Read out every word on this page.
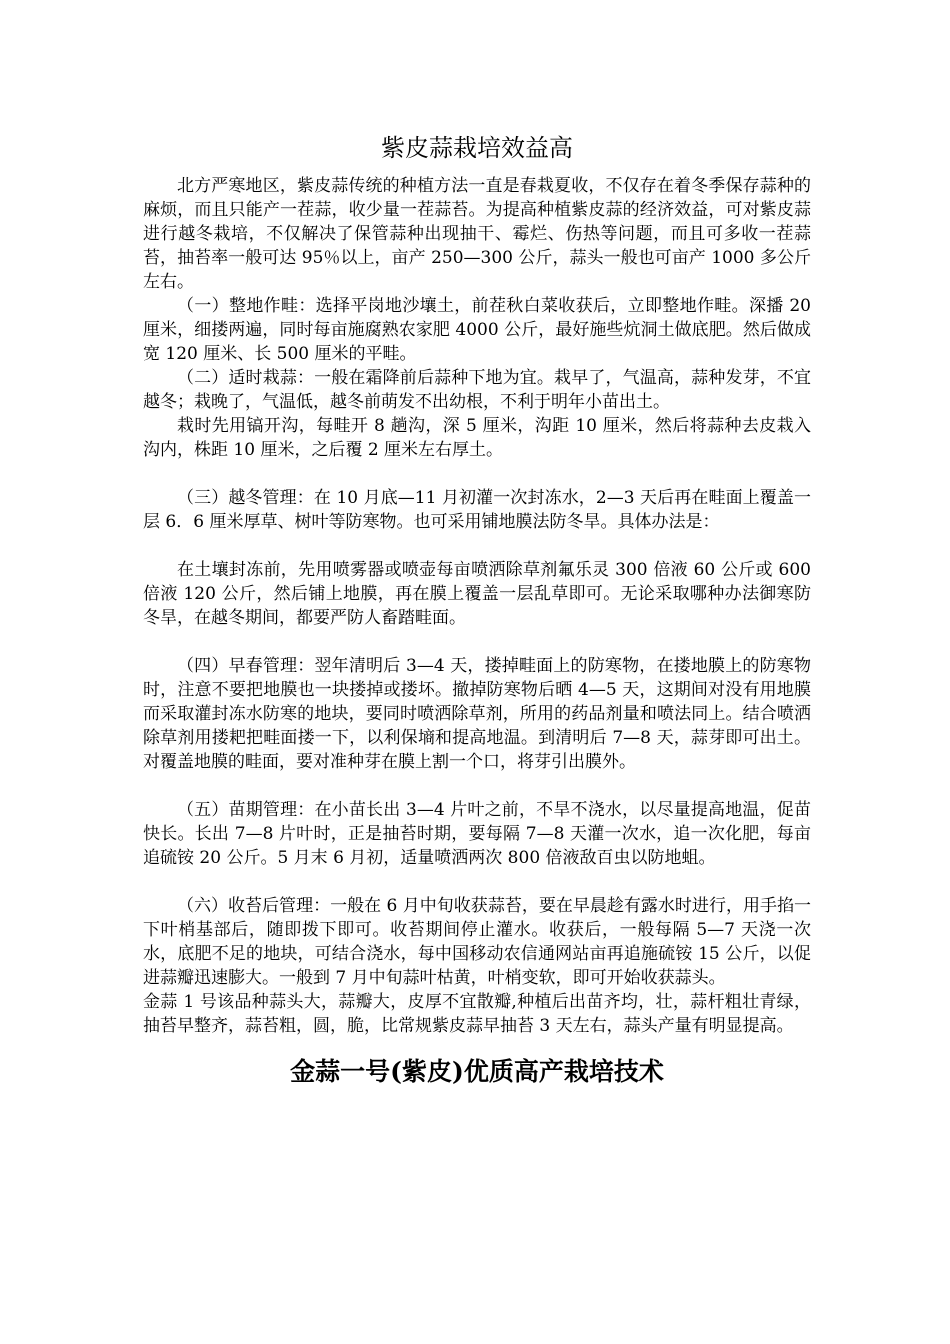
紫皮蒜栽培效益高

北方严寒地区，紫皮蒜传统的种植方法一直是春栽夏收，不仅存在着冬季保存蒜种的麻烦，而且只能产一茬蒜，收少量一茬蒜苔。为提高种植紫皮蒜的经济效益，可对紫皮蒜进行越冬栽培，不仅解决了保管蒜种出现抽干、霉烂、伤热等问题，而且可多收一茬蒜苔，抽苔率一般可达 95％以上，亩产 250—300 公斤，蒜头一般也可亩产 1000 多公斤左右。

（一）整地作畦：选择平岗地沙壤土，前茬秋白菜收获后，立即整地作畦。深播 20 厘米，细搂两遍，同时每亩施腐熟农家肥 4000 公斤，最好施些炕洞土做底肥。然后做成宽 120 厘米、长 500 厘米的平畦。

（二）适时栽蒜：一般在霜降前后蒜种下地为宜。栽早了，气温高，蒜种发芽，不宜越冬；栽晚了，气温低，越冬前萌发不出幼根，不利于明年小苗出土。

栽时先用镐开沟，每畦开 8 趟沟，深 5 厘米，沟距 10 厘米，然后将蒜种去皮栽入沟内，株距 10 厘米，之后覆 2 厘米左右厚土。

（三）越冬管理：在 10 月底—11 月初灌一次封冻水，2—3 天后再在畦面上覆盖一层 6．6 厘米厚草、树叶等防寒物。也可采用铺地膜法防冬旱。具体办法是：

在土壤封冻前，先用喷雾器或喷壶每亩喷洒除草剂氟乐灵 300 倍液 60 公斤或 600 倍液 120 公斤，然后铺上地膜，再在膜上覆盖一层乱草即可。无论采取哪种办法御寒防冬旱，在越冬期间，都要严防人畜踏畦面。

（四）早春管理：翌年清明后 3—4 天，搂掉畦面上的防寒物，在搂地膜上的防寒物时，注意不要把地膜也一块搂掉或搂坏。撤掉防寒物后晒 4—5 天，这期间对没有用地膜而采取灌封冻水防寒的地块，要同时喷洒除草剂，所用的药品剂量和喷法同上。结合喷洒除草剂用搂耙把畦面搂一下，以利保墒和提高地温。到清明后 7—8 天，蒜芽即可出土。对覆盖地膜的畦面，要对准种芽在膜上割一个口，将芽引出膜外。

（五）苗期管理：在小苗长出 3—4 片叶之前，不旱不浇水，以尽量提高地温，促苗快长。长出 7—8 片叶时，正是抽苔时期，要每隔 7—8 天灌一次水，追一次化肥，每亩追硫铵 20 公斤。5 月末 6 月初，适量喷洒两次 800 倍液敌百虫以防地蛆。

（六）收苔后管理：一般在 6 月中旬收获蒜苔，要在早晨趁有露水时进行，用手掐一下叶梢基部后，随即拨下即可。收苔期间停止灌水。收获后，一般每隔 5—7 天浇一次水，底肥不足的地块，可结合浇水，每中国移动农信通网站亩再追施硫铵 15 公斤，以促进蒜瓣迅速膨大。一般到 7 月中旬蒜叶枯黄，叶梢变软，即可开始收获蒜头。

金蒜 1 号该品种蒜头大，蒜瓣大，皮厚不宜散瓣,种植后出苗齐均，壮，蒜杆粗壮青绿，抽苔早整齐，蒜苔粗，圆，脆，比常规紫皮蒜早抽苔 3 天左右，蒜头产量有明显提高。

金蒜一号(紫皮)优质高产栽培技术
